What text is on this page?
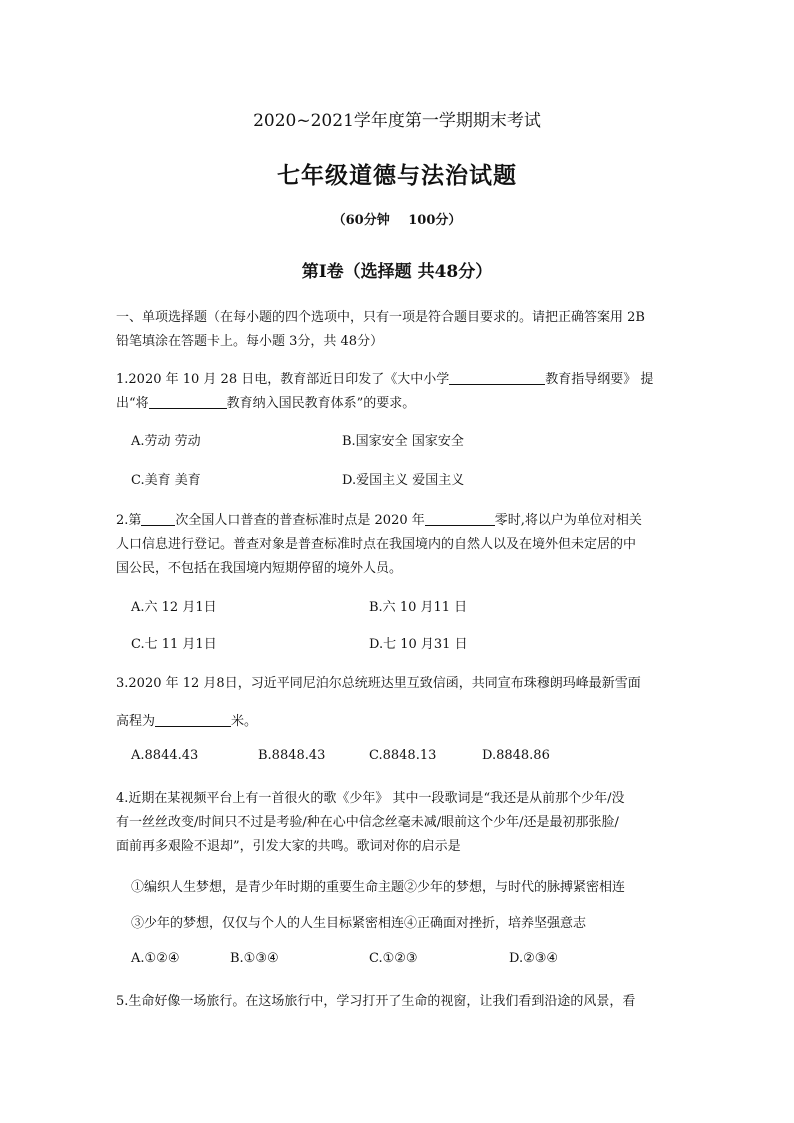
2020~2021学年度第一学期期末考试
七年级道德与法治试题
（60分钟 100分）
第Ⅰ卷（选择题 共48分）
一、单项选择题（在每小题的四个选项中，只有一项是符合题目要求的。请把正确答案用 2B
铅笔填涂在答题卡上。每小题 3分，共 48分）
1.2020 年 10 月 28 日电，教育部近日印发了《大中小学	教育指导纲要》 提
出“将	教育纳入国民教育体系”的要求。
A.劳动 劳动	B.国家安全 国家安全
C.美育 美育	D.爱国主义 爱国主义
2.第	次全国人口普查的普查标准时点是 2020 年	零时,将以户为单位对相关
人口信息进行登记。普查对象是普查标准时点在我国境内的自然人以及在境外但未定居的中
国公民，不包括在我国境内短期停留的境外人员。
A.六 12 月1日	B.六 10 月11 日
C.七 11 月1日	D.七 10 月31 日
3.2020 年 12 月8日，习近平同尼泊尔总统班达里互致信函，共同宣布珠穆朗玛峰最新雪面
高程为	米。
A.8844.43	B.8848.43	C.8848.13	D.8848.86
4.近期在某视频平台上有一首很火的歌《少年》 其中一段歌词是“我还是从前那个少年/没
有一丝丝改变/时间只不过是考验/种在心中信念丝毫未减/眼前这个少年/还是最初那张脸/
面前再多艰险不退却”，引发大家的共鸣。歌词对你的启示是
①编织人生梦想，是青少年时期的重要生命主题②少年的梦想，与时代的脉搏紧密相连
③少年的梦想，仅仅与个人的人生目标紧密相连④正确面对挫折，培养坚强意志
A.①②④	B.①③④	C.①②③	D.②③④
5.生命好像一场旅行。在这场旅行中，学习打开了生命的视窗，让我们看到沿途的风景，看
